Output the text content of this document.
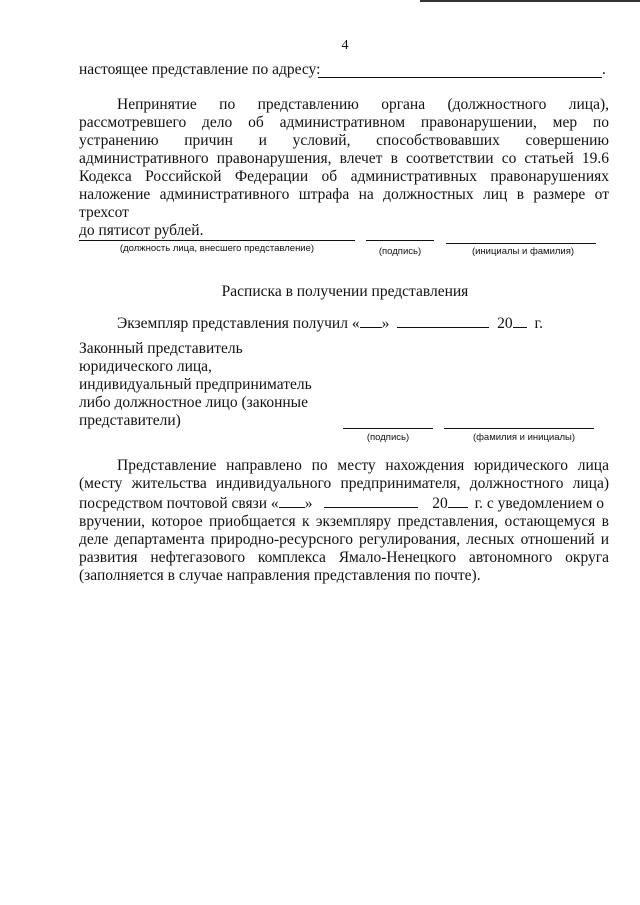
4
настоящее представление по адресу:	.
Непринятие по представлению органа (должностного лица),
рассмотревшего дело об административном правонарушении, мер по
устранению причин и условий, способствовавших совершению
административного правонарушения, влечет в соответствии со статьей 19.6
Кодекса Российской Федерации об административных правонарушениях
наложение административного штрафа на должностных лиц в размере от трехсот
до пятисот рублей.
(должность лица, внесшего представление)	(подпись)	(инициалы и фамилия)
Расписка в получении представления
Экземпляр представления получил « »	20 г.
Законный представитель
юридического лица,
индивидуальный предприниматель
либо должностное лицо (законные
представители)
(подпись)	(фамилия и инициалы)
Представление направлено по месту нахождения юридического лица
(месту жительства индивидуального предпринимателя, должностного лица)
посредством почтовой связи « »	20 г. с уведомлением о
вручении, которое приобщается к экземпляру представления, остающемуся в
деле департамента природно-ресурсного регулирования, лесных отношений и
развития нефтегазового комплекса Ямало-Ненецкого автономного округа
(заполняется в случае направления представления по почте).
